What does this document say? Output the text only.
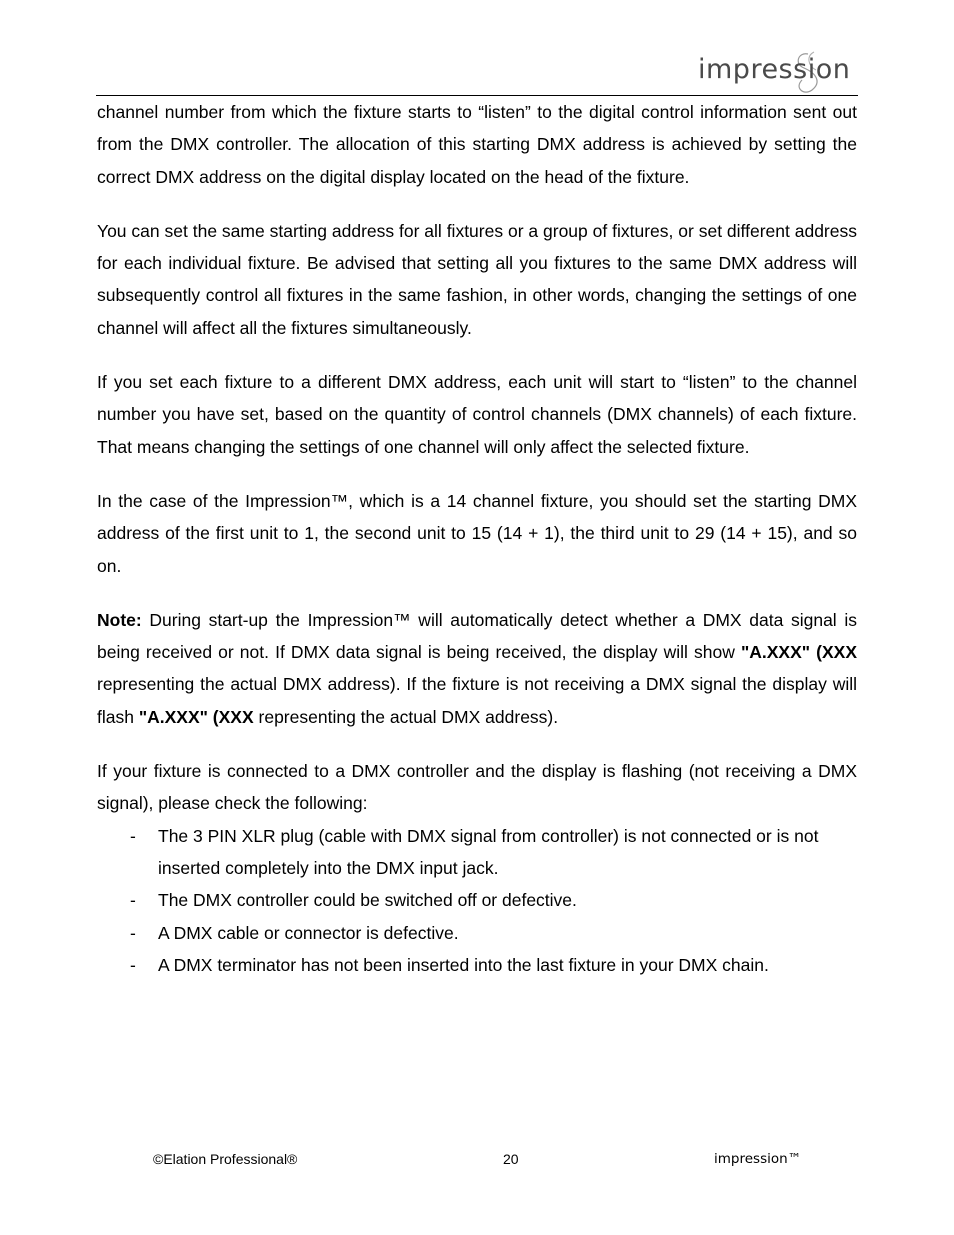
impression

channel number from which the fixture starts to “listen” to the digital control information sent out from the DMX controller. The allocation of this starting DMX address is achieved by setting the correct DMX address on the digital display located on the head of the fixture.

You can set the same starting address for all fixtures or a group of fixtures, or set different address for each individual fixture. Be advised that setting all you fixtures to the same DMX address will subsequently control all fixtures in the same fashion, in other words, changing the settings of one channel will affect all the fixtures simultaneously.

If you set each fixture to a different DMX address, each unit will start to “listen” to the channel number you have set, based on the quantity of control channels (DMX channels) of each fixture. That means changing the settings of one channel will only affect the selected fixture.

In the case of the Impression™, which is a 14 channel fixture, you should set the starting DMX address of the first unit to 1, the second unit to 15 (14 + 1), the third unit to 29 (14 + 15), and so on.

Note: During start-up the Impression™ will automatically detect whether a DMX data signal is being received or not. If DMX data signal is being received, the display will show "A.XXX" (XXX representing the actual DMX address). If the fixture is not receiving a DMX signal the display will flash "A.XXX" (XXX representing the actual DMX address).

If your fixture is connected to a DMX controller and the display is flashing (not receiving a DMX signal), please check the following:

- The 3 PIN XLR plug (cable with DMX signal from controller) is not connected or is not inserted completely into the DMX input jack.
- The DMX controller could be switched off or defective.
- A DMX cable or connector is defective.
- A DMX terminator has not been inserted into the last fixture in your DMX chain.
©Elation Professional®	20	impression™
